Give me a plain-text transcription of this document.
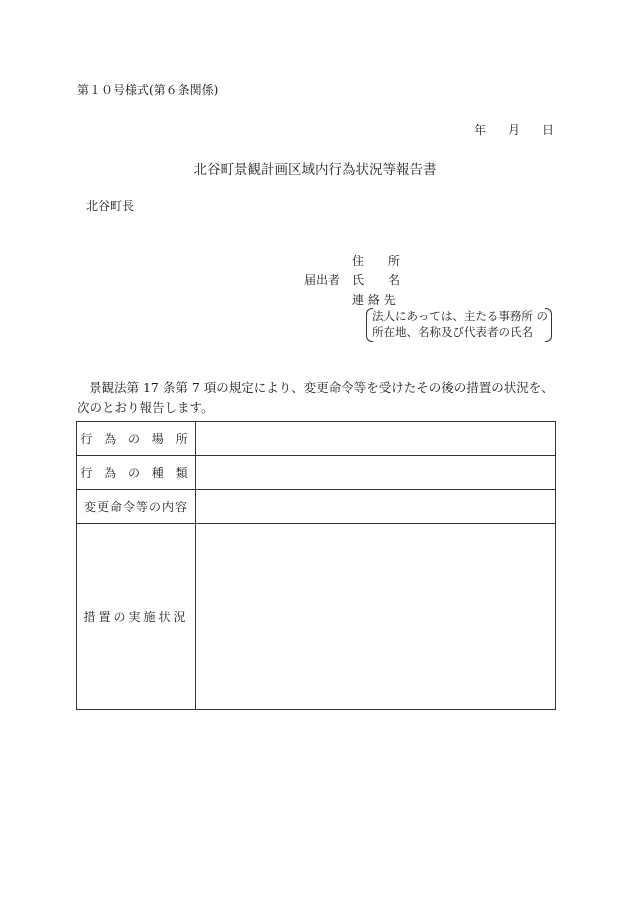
第１０号様式(第６条関係)
年 月 日
北谷町景観計画区域内行為状況等報告書
北谷町長
住　　所
届出者 氏　　名
連 絡 先
法人にあっては、主たる事務所 の
所在地、名称及び代表者の氏名
景観法第 17 条第 7 項の規定により、変更命令等を受けたその後の措置の状況を、次のとおり報告します。
行 為 の 場 所	
行 為 の 種 類	
変更命令等の内容	
措置の実施状況	
